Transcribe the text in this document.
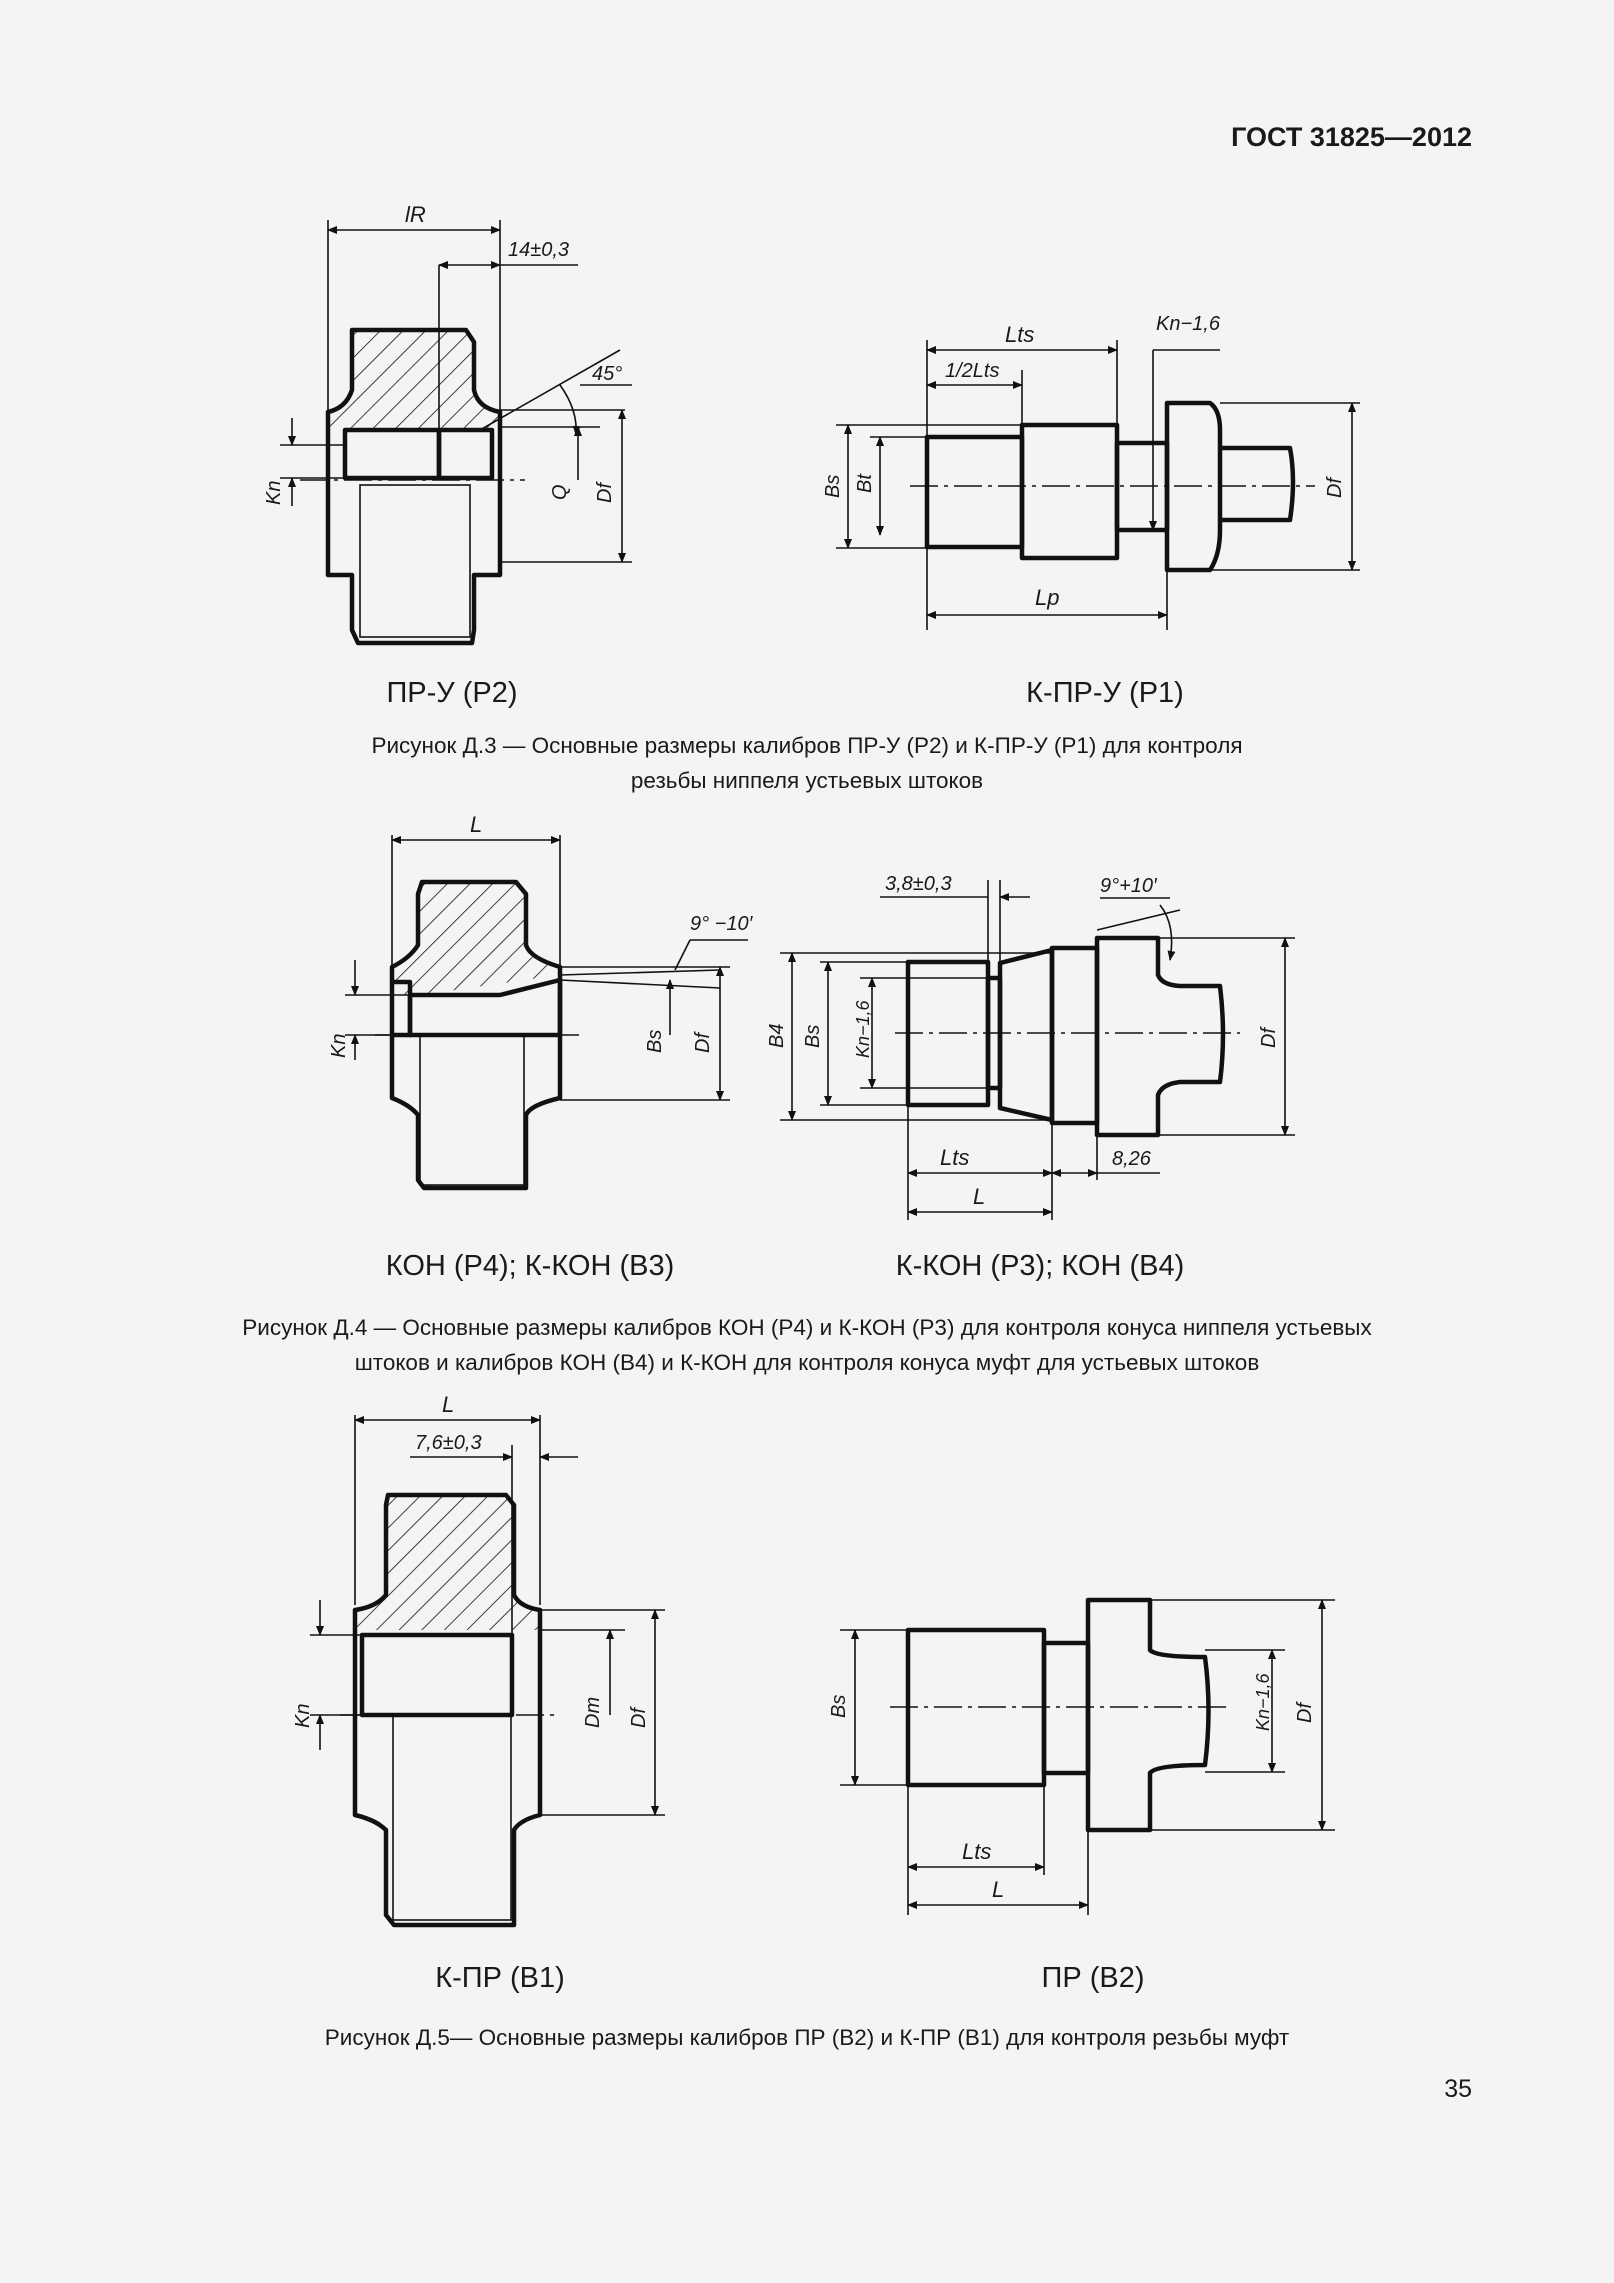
ГОСТ 31825—2012
lR
14±0,3
45°
Kn	Q Df
Lts
1/2Lts
Kn−1,6
Bs Bt	Df
Lp
ПР-У (Р2)	К-ПР-У (Р1)
Рисунок Д.3 — Основные размеры калибров ПР-У (Р2) и К-ПР-У (Р1) для контроля
резьбы ниппеля устьевых штоков
L
9° −10′
Kn	Bs Df
3,8±0,3	9°+10′
B4 Bs Kn−1,6	Df
Lts	8,26
L
КОН (Р4); К-КОН (В3)	К-КОН (Р3); КОН (В4)
Рисунок Д.4 — Основные размеры калибров КОН (Р4) и К-КОН (Р3) для контроля конуса ниппеля устьевых
штоков и калибров КОН (В4) и К-КОН для контроля конуса муфт для устьевых штоков
L
7,6±0,3
Kn	Dm Df	Bs	Kn−1,6 Df
Lts
L
К-ПР (В1)	ПР (В2)
Рисунок Д.5— Основные размеры калибров ПР (В2) и К-ПР (В1) для контроля резьбы муфт
35
